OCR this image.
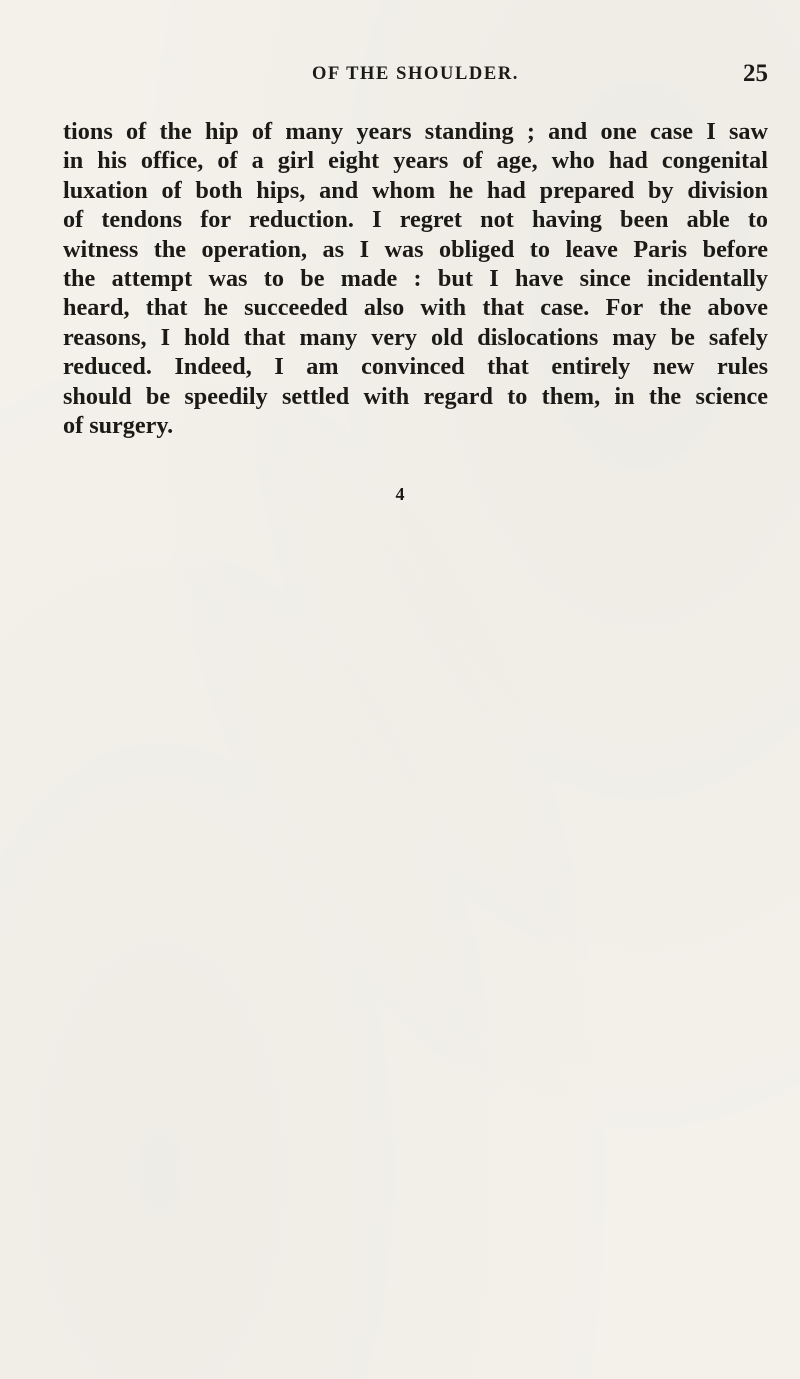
OF THE SHOULDER.	25
tions of the hip of many years standing ; and one case I saw
in his office, of a girl eight years of age, who had congenital
luxation of both hips, and whom he had prepared by division
of tendons for reduction. I regret not having been able to
witness the operation, as I was obliged to leave Paris before
the attempt was to be made : but I have since incidentally
heard, that he succeeded also with that case. For the above
reasons, I hold that many very old dislocations may be safely
reduced. Indeed, I am convinced that entirely new rules
should be speedily settled with regard to them, in the science
of surgery.
4
